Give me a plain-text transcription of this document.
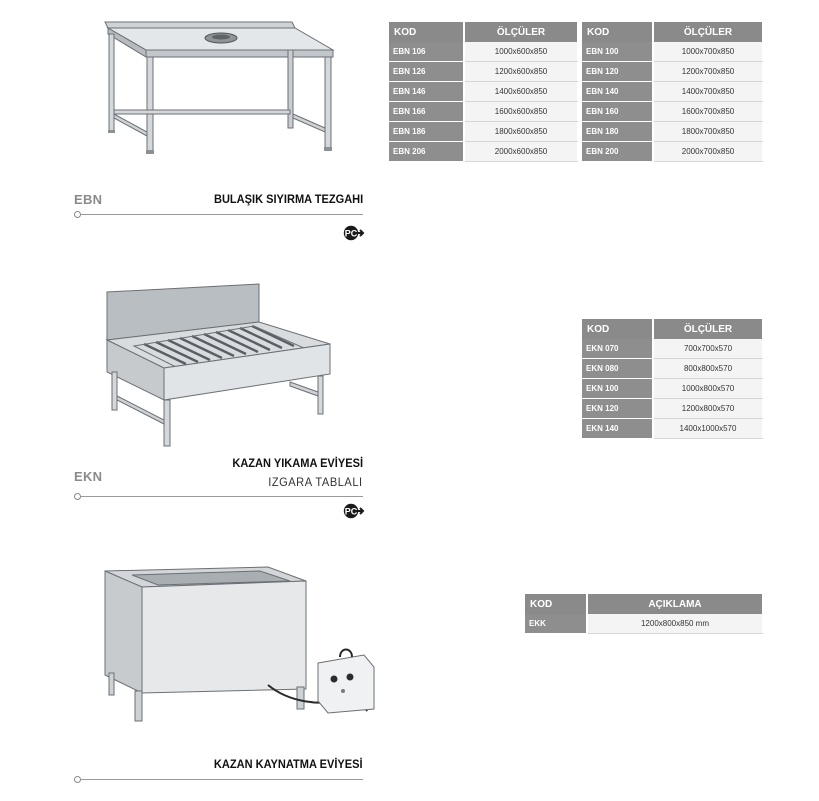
KOD	ÖLÇÜLER
EBN 106	1000x600x850
EBN 126	1200x600x850
EBN 146	1400x600x850
EBN 166	1600x600x850
EBN 186	1800x600x850
EBN 206	2000x600x850
KOD	ÖLÇÜLER
EBN 100	1000x700x850
EBN 120	1200x700x850
EBN 140	1400x700x850
EBN 160	1600x700x850
EBN 180	1800x700x850
EBN 200	2000x700x850
EBN	BULAŞIK SIYIRMA TEZGAHI
PC
KOD	ÖLÇÜLER
EKN 070	700x700x570
EKN 080	800x800x570
EKN 100	1000x800x570
EKN 120	1200x800x570
EKN 140	1400x1000x570
EKN
KAZAN YIKAMA EVİYESİ
IZGARA TABLALI
PC
KOD	AÇIKLAMA
EKK	1200x800x850 mm
KAZAN KAYNATMA EVİYESİ
